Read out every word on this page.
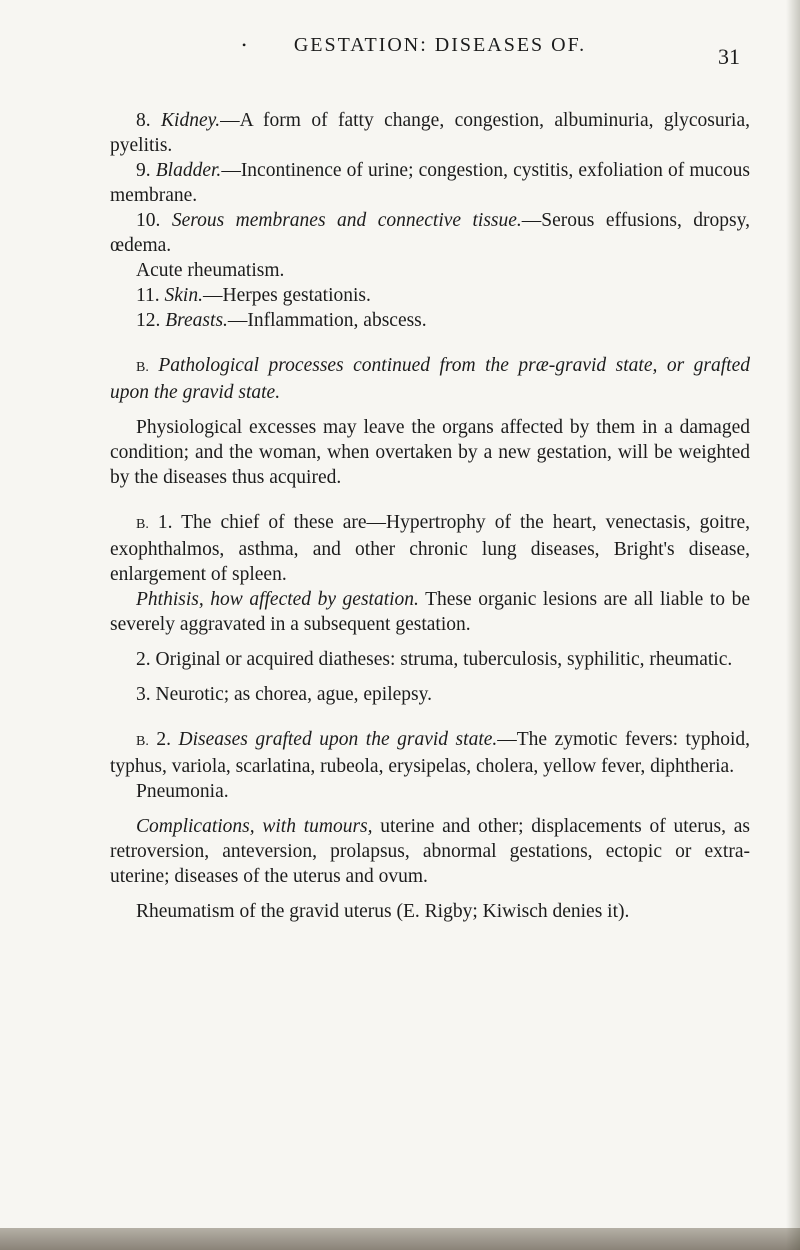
• GESTATION: DISEASES OF.	31

8. Kidney.—A form of fatty change, congestion, albuminuria, glycosuria, pyelitis.

9. Bladder.—Incontinence of urine; congestion, cystitis, exfoliation of mucous membrane.

10. Serous membranes and connective tissue.—Serous effusions, dropsy, œdema.

Acute rheumatism.

11. Skin.—Herpes gestationis.

12. Breasts.—Inflammation, abscess.

B. Pathological processes continued from the præ-gravid state, or grafted upon the gravid state.

Physiological excesses may leave the organs affected by them in a damaged condition; and the woman, when overtaken by a new gestation, will be weighted by the diseases thus acquired.

B. 1. The chief of these are—Hypertrophy of the heart, venectasis, goitre, exophthalmos, asthma, and other chronic lung diseases, Bright's disease, enlargement of spleen.

Phthisis, how affected by gestation. These organic lesions are all liable to be severely aggravated in a subsequent gestation.

2. Original or acquired diatheses: struma, tuberculosis, syphilitic, rheumatic.

3. Neurotic; as chorea, ague, epilepsy.

B. 2. Diseases grafted upon the gravid state.—The zymotic fevers: typhoid, typhus, variola, scarlatina, rubeola, erysipelas, cholera, yellow fever, diphtheria.

Pneumonia.

Complications, with tumours, uterine and other; displacements of uterus, as retroversion, anteversion, prolapsus, abnormal gestations, ectopic or extra-uterine; diseases of the uterus and ovum.

Rheumatism of the gravid uterus (E. Rigby; Kiwisch denies it).
